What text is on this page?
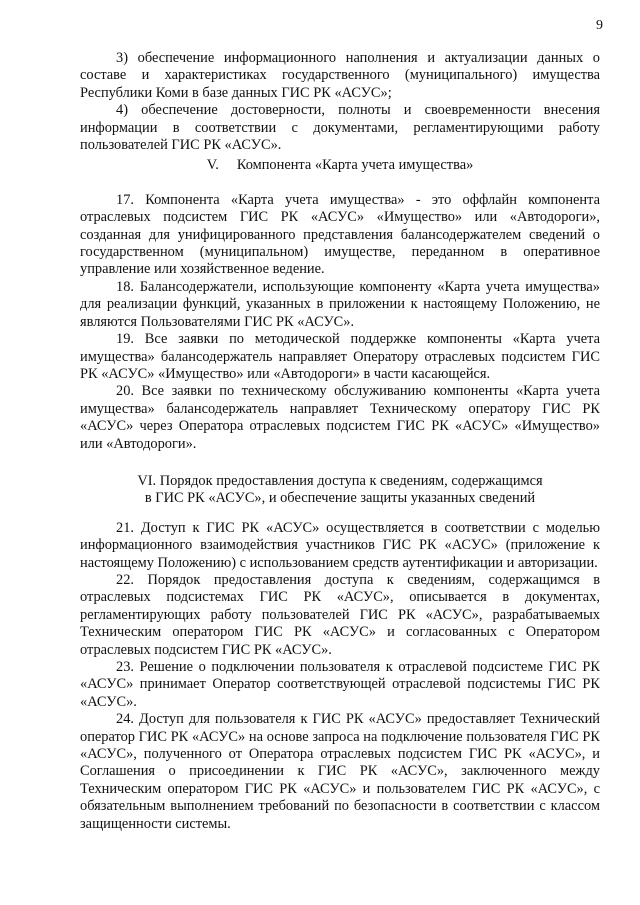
9

3) обеспечение информационного наполнения и актуализации данных о составе и характеристиках государственного (муниципального) имущества Республики Коми в базе данных ГИС РК «АСУС»;

4) обеспечение достоверности, полноты и своевременности внесения информации в соответствии с документами, регламентирующими работу пользователей ГИС РК «АСУС».

V.     Компонента «Карта учета имущества»

17. Компонента «Карта учета имущества» - это оффлайн компонента отраслевых подсистем ГИС РК «АСУС» «Имущество» или «Автодороги», созданная для унифицированного представления балансодержателем сведений о государственном (муниципальном) имуществе, переданном в оперативное управление или хозяйственное ведение.

18. Балансодержатели, использующие компоненту «Карта учета имущества» для реализации функций, указанных в приложении к настоящему Положению, не являются Пользователями ГИС РК «АСУС».

19. Все заявки по методической поддержке компоненты «Карта учета имущества» балансодержатель направляет Оператору отраслевых подсистем ГИС РК «АСУС» «Имущество» или «Автодороги» в части касающейся.

20. Все заявки по техническому обслуживанию компоненты «Карта учета имущества» балансодержатель направляет Техническому оператору ГИС РК «АСУС» через Оператора отраслевых подсистем ГИС РК «АСУС» «Имущество» или «Автодороги».

VI. Порядок предоставления доступа к сведениям, содержащимся
в ГИС РК «АСУС», и обеспечение защиты указанных сведений

21. Доступ к ГИС РК «АСУС» осуществляется в соответствии с моделью информационного взаимодействия участников ГИС РК «АСУС» (приложение к настоящему Положению) с использованием средств аутентификации и авторизации.

22. Порядок предоставления доступа к сведениям, содержащимся в отраслевых подсистемах ГИС РК «АСУС», описывается в документах, регламентирующих работу пользователей ГИС РК «АСУС», разрабатываемых Техническим оператором ГИС РК «АСУС» и согласованных с Оператором отраслевых подсистем ГИС РК «АСУС».

23. Решение о подключении пользователя к отраслевой подсистеме ГИС РК «АСУС» принимает Оператор соответствующей отраслевой подсистемы ГИС РК «АСУС».

24. Доступ для пользователя к ГИС РК «АСУС» предоставляет Технический оператор ГИС РК «АСУС» на основе запроса на подключение пользователя ГИС РК «АСУС», полученного от Оператора отраслевых подсистем ГИС РК «АСУС», и Соглашения о присоединении к ГИС РК «АСУС», заключенного между Техническим оператором ГИС РК «АСУС» и пользователем ГИС РК «АСУС», с обязательным выполнением требований по безопасности в соответствии с классом защищенности системы.
